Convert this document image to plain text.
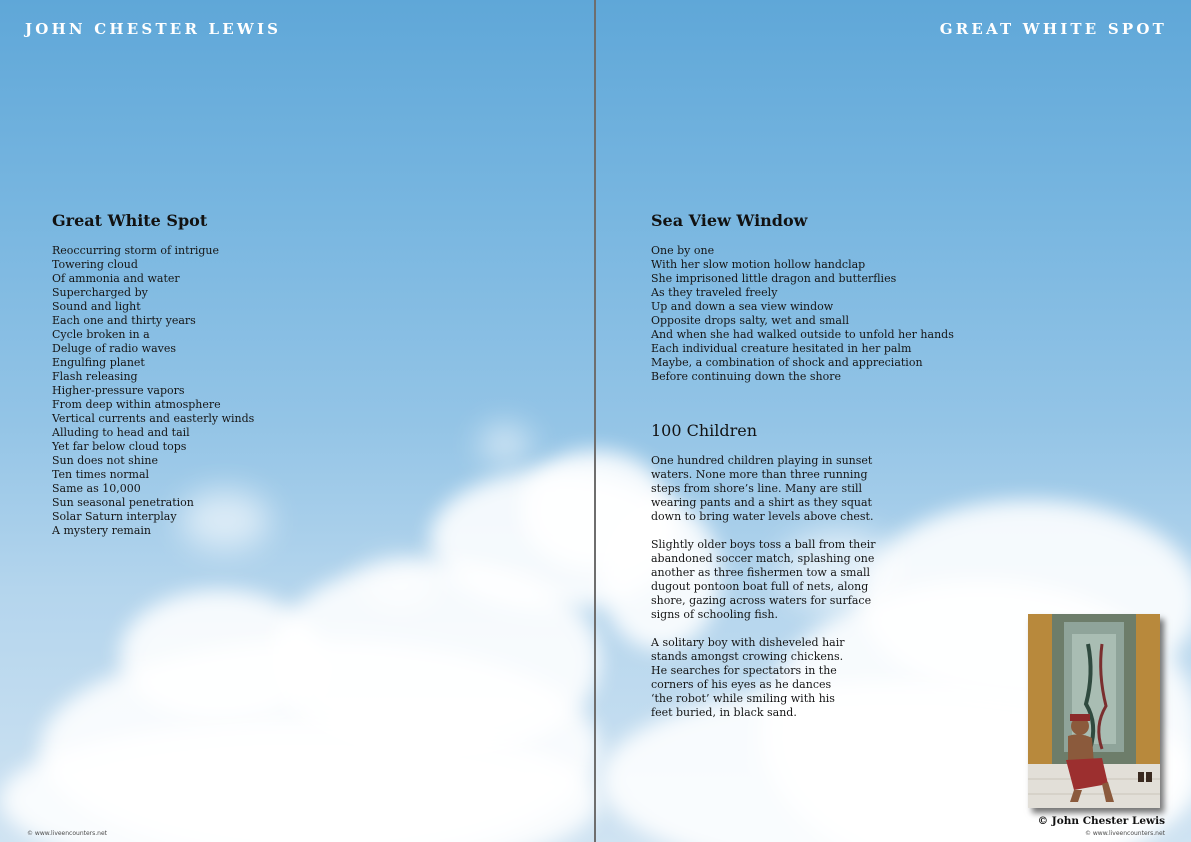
JOHN CHESTER LEWIS	GREAT WHITE SPOT
Great White Spot
Reoccurring storm of intrigue
Towering cloud
Of ammonia and water
Supercharged by
Sound and light
Each one and thirty years
Cycle broken in a
Deluge of radio waves
Engulfing planet
Flash releasing
Higher-pressure vapors
From deep within atmosphere
Vertical currents and easterly winds
Alluding to head and tail
Yet far below cloud tops
Sun does not shine
Ten times normal
Same as 10,000
Sun seasonal penetration
Solar Saturn interplay
A mystery remain
© www.liveencounters.net
Sea View Window
One by one
With her slow motion hollow handclap
She imprisoned little dragon and butterflies
As they traveled freely
Up and down a sea view window
Opposite drops salty, wet and small
And when she had walked outside to unfold her hands
Each individual creature hesitated in her palm
Maybe, a combination of shock and appreciation
Before continuing down the shore
100 Children
One hundred children playing in sunset
waters. None more than three running
steps from shore’s line. Many are still
wearing pants and a shirt as they squat
down to bring water levels above chest.
Slightly older boys toss a ball from their
abandoned soccer match, splashing one
another as three fishermen tow a small
dugout pontoon boat full of nets, along
shore, gazing across waters for surface
signs of schooling fish.
A solitary boy with disheveled hair
stands amongst crowing chickens.
He searches for spectators in the
corners of his eyes as he dances
‘the robot’ while smiling with his
feet buried, in black sand.
© John Chester Lewis
© www.liveencounters.net
